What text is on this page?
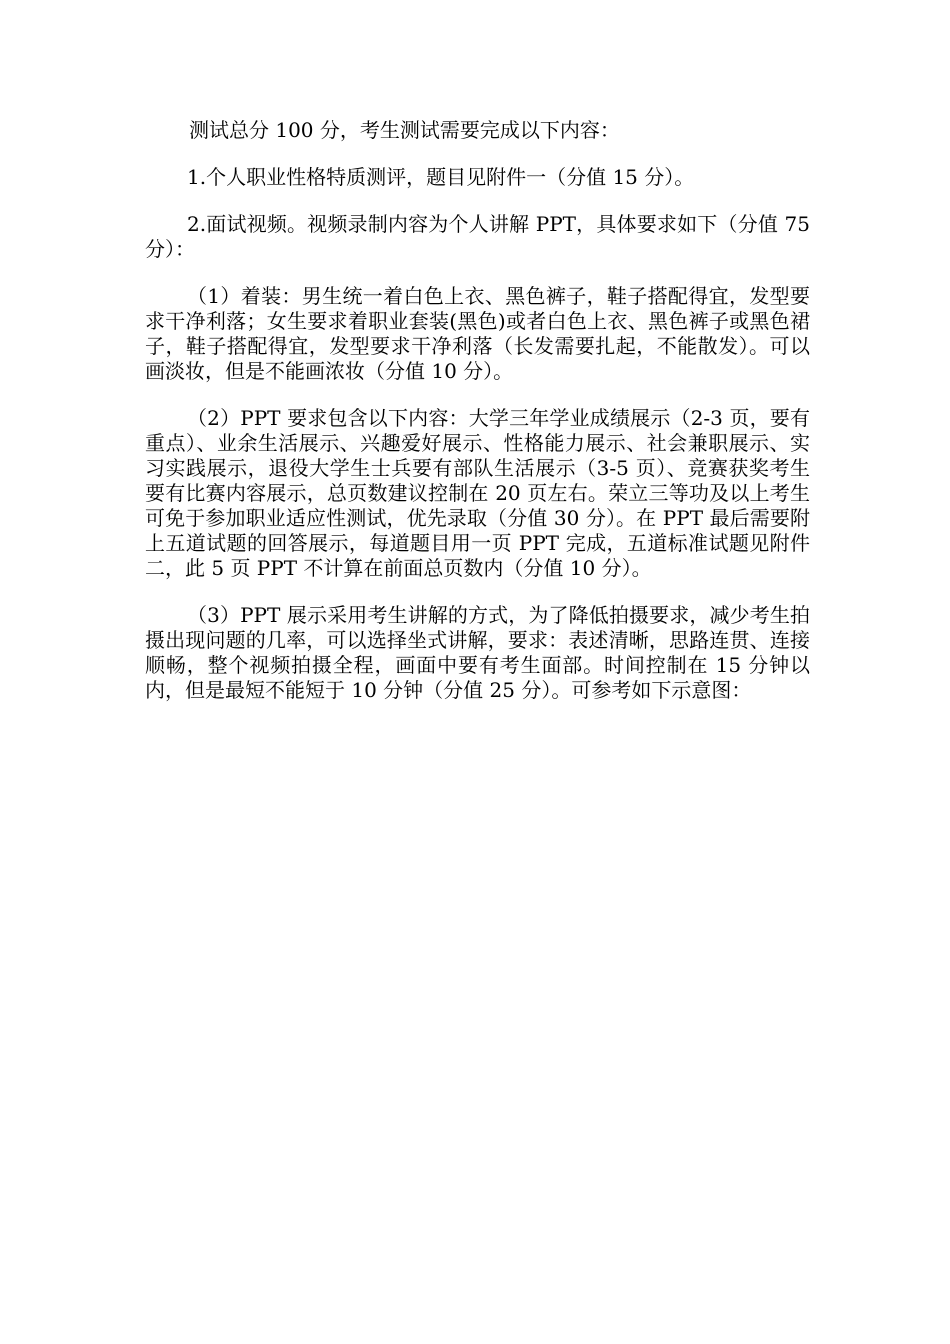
测试总分 100 分，考生测试需要完成以下内容：

1.个人职业性格特质测评，题目见附件一（分值 15 分）。

2.面试视频。视频录制内容为个人讲解 PPT，具体要求如下（分值 75 分）：

（1）着装：男生统一着白色上衣、黑色裤子，鞋子搭配得宜，发型要求干净利落；女生要求着职业套装(黑色)或者白色上衣、黑色裤子或黑色裙子，鞋子搭配得宜，发型要求干净利落（长发需要扎起，不能散发）。可以画淡妆，但是不能画浓妆（分值 10 分）。

（2）PPT 要求包含以下内容：大学三年学业成绩展示（2-3 页，要有重点）、业余生活展示、兴趣爱好展示、性格能力展示、社会兼职展示、实习实践展示，退役大学生士兵要有部队生活展示（3-5 页）、竞赛获奖考生要有比赛内容展示，总页数建议控制在 20 页左右。荣立三等功及以上考生可免于参加职业适应性测试，优先录取（分值 30 分）。在 PPT 最后需要附上五道试题的回答展示，每道题目用一页 PPT 完成，五道标准试题见附件二，此 5 页 PPT 不计算在前面总页数内（分值 10 分）。

（3）PPT 展示采用考生讲解的方式，为了降低拍摄要求，减少考生拍摄出现问题的几率，可以选择坐式讲解，要求：表述清晰，思路连贯、连接顺畅，整个视频拍摄全程，画面中要有考生面部。时间控制在 15 分钟以内，但是最短不能短于 10 分钟（分值 25 分）。可参考如下示意图：
